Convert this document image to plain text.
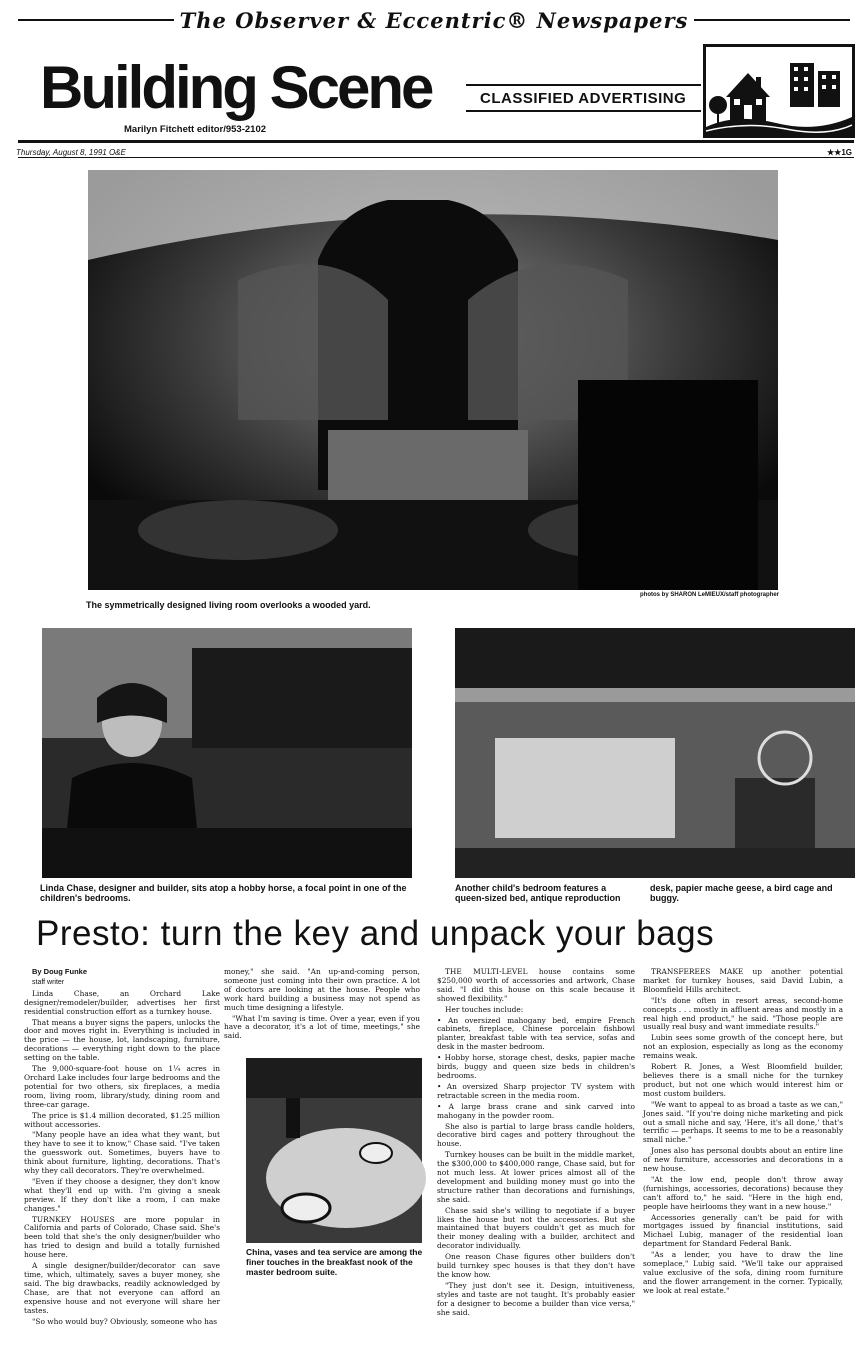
The Observer & Eccentric® Newspapers
Building Scene	CLASSIFIED ADVERTISING
Marilyn Fitchett editor/953-2102
Thursday, August 8, 1991 O&E	★★1G
The symmetrically designed living room overlooks a wooded yard.
photos by SHARON LeMIEUX/staff photographer
Linda Chase, designer and builder, sits atop a hobby horse, a focal point in one of the children's bedrooms.
Another child's bedroom features a queen-sized bed, antique reproduction
desk, papier mache geese, a bird cage and buggy.
Presto: turn the key and unpack your bags

By Doug Funke

staff writer

Linda Chase, an Orchard Lake designer/remodeler/builder, advertises her first residential construction effort as a turnkey house.

That means a buyer signs the papers, unlocks the door and moves right in. Everything is included in the price — the house, lot, landscaping, furniture, decorations — everything right down to the place setting on the table.

The 9,000-square-foot house on 1¼ acres in Orchard Lake includes four large bedrooms and the potential for two others, six fireplaces, a media room, living room, library/study, dining room and three-car garage.

The price is $1.4 million decorated, $1.25 million without accessories.

"Many people have an idea what they want, but they have to see it to know," Chase said. "I've taken the guesswork out. Sometimes, buyers have to think about furniture, lighting, decorations. That's why they call decorators. They're overwhelmed.

"Even if they choose a designer, they don't know what they'll end up with. I'm giving a sneak preview. If they don't like a room, I can make changes."

TURNKEY HOUSES are more popular in California and parts of Colorado, Chase said. She's been told that she's the only designer/builder who has tried to design and build a totally furnished house here.

A single designer/builder/decorator can save time, which, ultimately, saves a buyer money, she said. The big drawbacks, readily acknowledged by Chase, are that not everyone can afford an expensive house and not everyone will share her tastes.

"So who would buy? Obviously, someone who has

money," she said. "An up-and-coming person, someone just coming into their own practice. A lot of doctors are looking at the house. People who work hard building a business may not spend as much time designing a lifestyle.

"What I'm saving is time. Over a year, even if you have a decorator, it's a lot of time, meetings," she said.

China, vases and tea service are among the finer touches in the breakfast nook of the master bedroom suite.

THE MULTI-LEVEL house contains some $250,000 worth of accessories and artwork, Chase said. "I did this house on this scale because it showed flexibility."

Her touches include:

• An oversized mahogany bed, empire French cabinets, fireplace, Chinese porcelain fishbowl planter, breakfast table with tea service, sofas and desk in the master bedroom.

• Hobby horse, storage chest, desks, papier mache birds, buggy and queen size beds in children's bedrooms.

• An oversized Sharp projector TV system with retractable screen in the media room.

• A large brass crane and sink carved into mahogany in the powder room.

She also is partial to large brass candle holders, decorative bird cages and pottery throughout the house.

Turnkey houses can be built in the middle market, the $300,000 to $400,000 range, Chase said, but for not much less. At lower prices almost all of the development and building money must go into the structure rather than decorations and furnishings, she said.

Chase said she's willing to negotiate if a buyer likes the house but not the accessories. But she maintained that buyers couldn't get as much for their money dealing with a builder, architect and decorator individually.

One reason Chase figures other builders don't build turnkey spec houses is that they don't have the know how.

"They just don't see it. Design, intuitiveness, styles and taste are not taught. It's probably easier for a designer to become a builder than vice versa," she said.

TRANSFEREES MAKE up another potential market for turnkey houses, said David Lubin, a Bloomfield Hills architect.

"It's done often in resort areas, second-home concepts . . . mostly in affluent areas and mostly in a real high end product," he said. "Those people are usually real busy and want immediate results."

Lubin sees some growth of the concept here, but not an explosion, especially as long as the economy remains weak.

Robert R. Jones, a West Bloomfield builder, believes there is a small niche for the turnkey product, but not one which would interest him or most custom builders.

"We want to appeal to as broad a taste as we can," Jones said. "If you're doing niche marketing and pick out a small niche and say, 'Here, it's all done,' that's terrific — perhaps. It seems to me to be a reasonably small niche."

Jones also has personal doubts about an entire line of new furniture, accessories and decorations in a new house.

"At the low end, people don't throw away (furnishings, accessories, decorations) because they can't afford to," he said. "Here in the high end, people have heirlooms they want in a new house."

Accessories generally can't be paid for with mortgages issued by financial institutions, said Michael Lubig, manager of the residential loan department for Standard Federal Bank.

"As a lender, you have to draw the line someplace," Lubig said. "We'll take our appraised value exclusive of the sofa, dining room furniture and the flower arrangement in the corner. Typically, we look at real estate."
